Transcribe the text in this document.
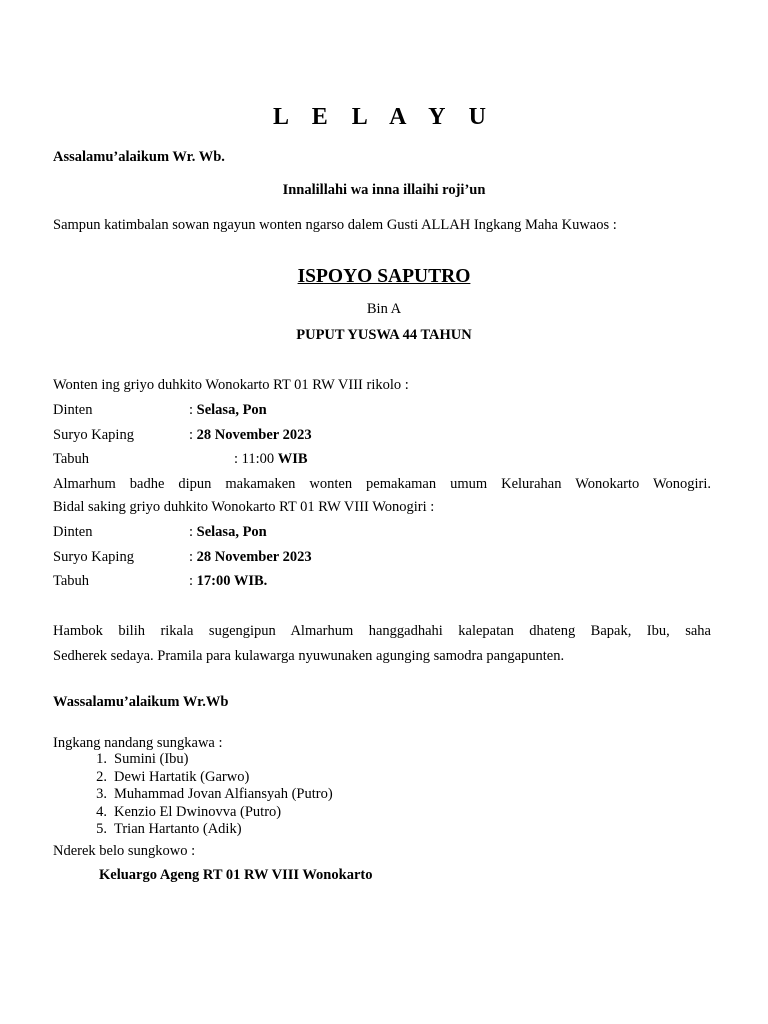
L E L A Y U
Assalamu’alaikum Wr. Wb.
Innalillahi wa inna illaihi roji’un
Sampun katimbalan sowan ngayun wonten ngarso dalem Gusti ALLAH Ingkang Maha Kuwaos :
ISPOYO SAPUTRO
Bin A
PUPUT YUSWA 44 TAHUN
Wonten ing griyo duhkito Wonokarto RT 01 RW VIII rikolo :
Dinten	: Selasa, Pon
Suryo Kaping	: 28 November 2023
Tabuh	: 11:00 WIB
Almarhum badhe dipun makamaken wonten pemakaman umum Kelurahan Wonokarto Wonogiri.
Bidal saking griyo duhkito Wonokarto RT 01 RW VIII Wonogiri :
Dinten	: Selasa, Pon
Suryo Kaping	: 28 November 2023
Tabuh	: 17:00 WIB.
Hambok bilih rikala sugengipun Almarhum hanggadhahi kalepatan dhateng Bapak, Ibu, saha
Sedherek sedaya. Pramila para kulawarga nyuwunaken agunging samodra pangapunten.
Wassalamu’alaikum Wr.Wb
Ingkang nandang sungkawa :
1. Sumini (Ibu)
2. Dewi Hartatik (Garwo)
3. Muhammad Jovan Alfiansyah (Putro)
4. Kenzio El Dwinovva (Putro)
5. Trian Hartanto (Adik)
Nderek belo sungkowo :
Keluargo Ageng RT 01 RW VIII Wonokarto
